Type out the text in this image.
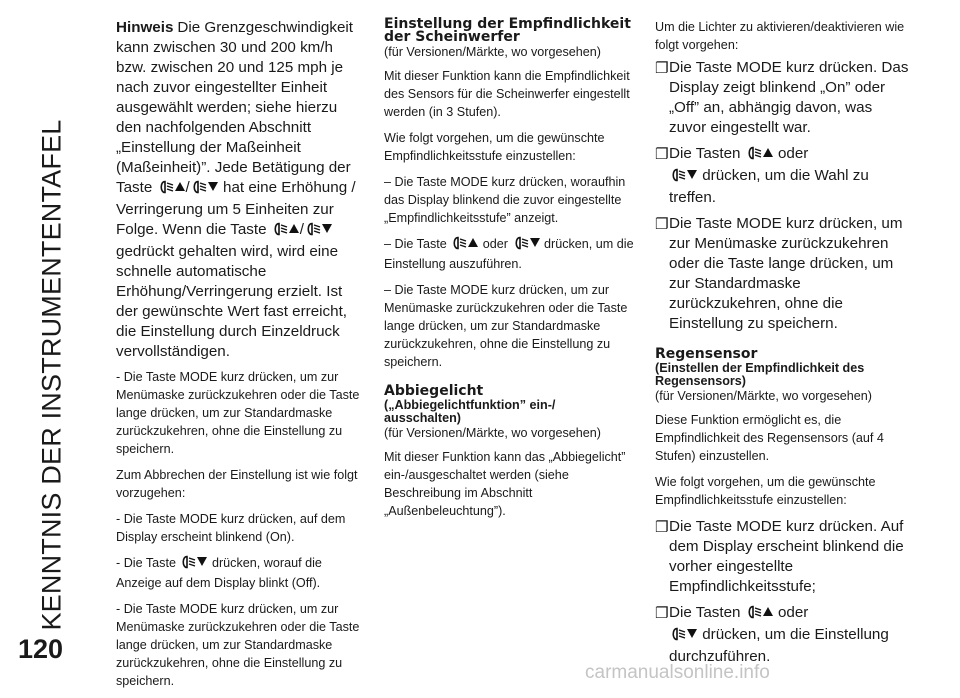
KENNTNIS DER INSTRUMENTENTAFEL
120
carmanualsonline.info

Hinweis Die Grenzgeschwindigkeit kann zwischen 30 und 200 km/h bzw. zwischen 20 und 125 mph je nach zuvor eingestellter Einheit ausgewählt werden; siehe hierzu den nachfolgenden Abschnitt „Einstellung der Maßeinheit (Maßeinheit)”. Jede Betätigung der Taste / hat eine Erhöhung / Verringerung um 5 Einheiten zur Folge. Wenn die Taste / gedrückt gehalten wird, wird eine schnelle automatische Erhöhung/Verringerung erzielt. Ist der gewünschte Wert fast erreicht, die Einstellung durch Einzeldruck vervollständigen.

- Die Taste MODE kurz drücken, um zur Menümaske zurückzukehren oder die Taste lange drücken, um zur Standardmaske zurückzukehren, ohne die Einstellung zu speichern.

Zum Abbrechen der Einstellung ist wie folgt vorzugehen:

- Die Taste MODE kurz drücken, auf dem Display erscheint blinkend (On).

- Die Taste	drücken, worauf die Anzeige auf dem Display blinkt (Off).

- Die Taste MODE kurz drücken, um zur Menümaske zurückzukehren oder die Taste lange drücken, um zur Standardmaske zurückzukehren, ohne die Einstellung zu speichern.

Einstellung der Empfindlichkeit der Scheinwerfer

(für Versionen/Märkte, wo vorgesehen)

Mit dieser Funktion kann die Empfindlichkeit des Sensors für die Scheinwerfer eingestellt werden (in 3 Stufen).

Wie folgt vorgehen, um die gewünschte Empfindlichkeitsstufe einzustellen:

– Die Taste MODE kurz drücken, woraufhin das Display blinkend die zuvor eingestellte „Empfindlichkeitsstufe” anzeigt.

– Die Taste	oder	drücken, um die Einstellung auszuführen.

– Die Taste MODE kurz drücken, um zur Menümaske zurückzukehren oder die Taste lange drücken, um zur Standardmaske zurückzukehren, ohne die Einstellung zu speichern.

Abbiegelicht
(„Abbiegelichtfunktion” ein-/ ausschalten)

(für Versionen/Märkte, wo vorgesehen)

Mit dieser Funktion kann das „Abbiegelicht” ein-/ausgeschaltet werden (siehe Beschreibung im Abschnitt „Außenbeleuchtung”).

Um die Lichter zu aktivieren/deaktivieren wie folgt vorgehen:

❐ Die Taste MODE kurz drücken. Das Display zeigt blinkend „On” oder „Off” an, abhängig davon, was zuvor eingestellt war.

❐ Die Tasten oder
drücken, um die Wahl zu treffen.

❐ Die Taste MODE kurz drücken, um zur Menümaske zurückzukehren oder die Taste lange drücken, um zur Standardmaske zurückzukehren, ohne die Einstellung zu speichern.

Regensensor
(Einstellen der Empfindlichkeit des Regensensors)

(für Versionen/Märkte, wo vorgesehen)

Diese Funktion ermöglicht es, die Empfindlichkeit des Regensensors (auf 4 Stufen) einzustellen.

Wie folgt vorgehen, um die gewünschte Empfindlichkeitsstufe einzustellen:

❐ Die Taste MODE kurz drücken. Auf dem Display erscheint blinkend die vorher eingestellte Empfindlichkeitsstufe;

❐ Die Tasten oder
drücken, um die Einstellung durchzuführen.
